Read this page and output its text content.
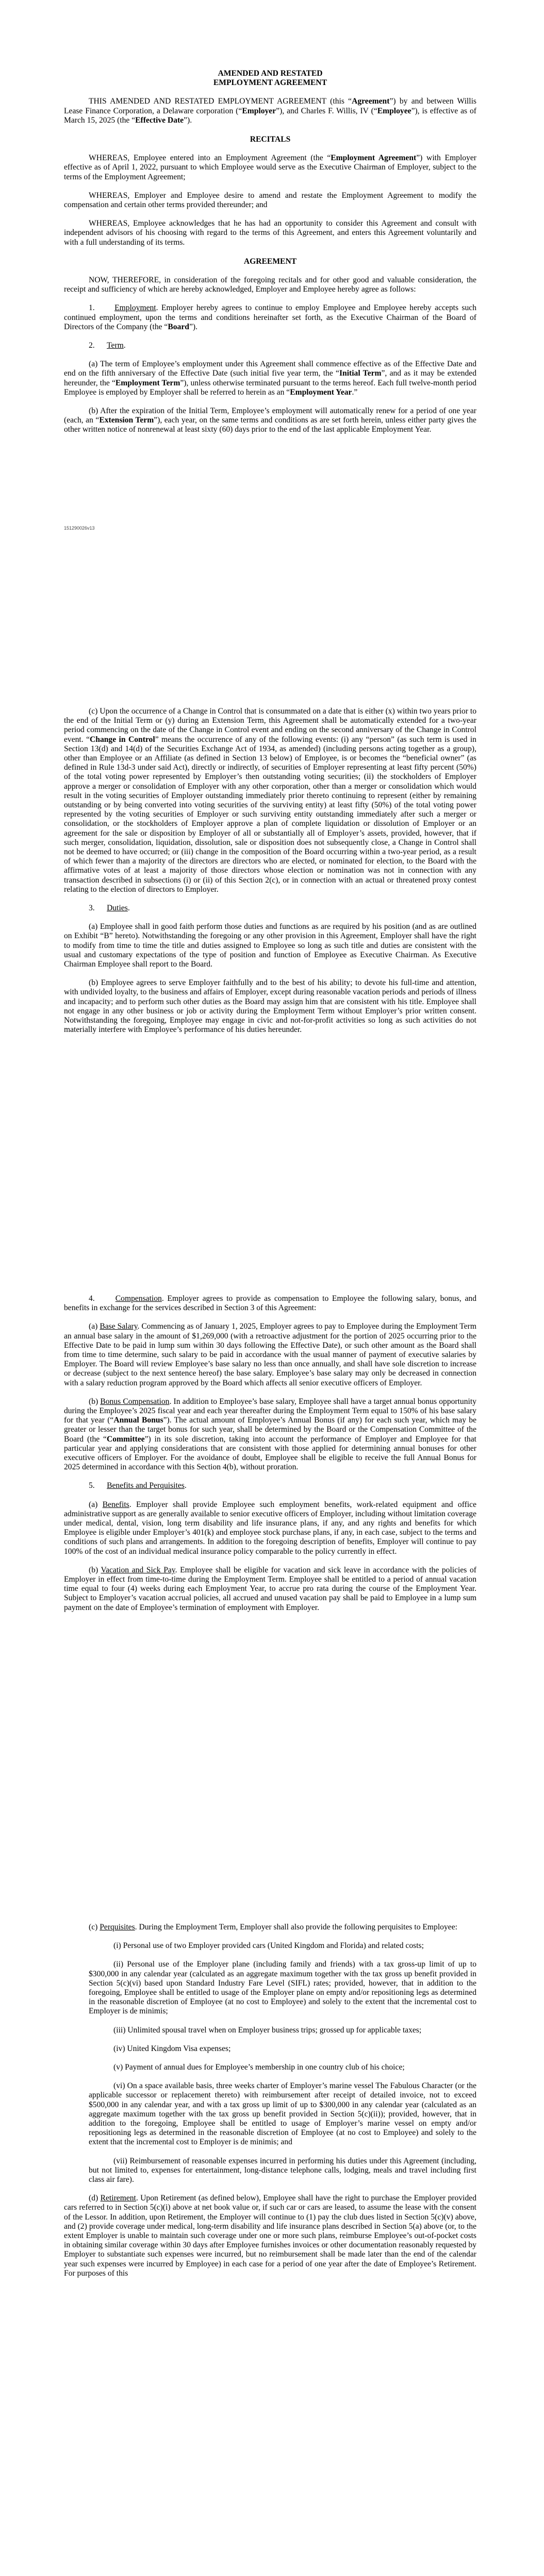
AMENDED AND RESTATED

EMPLOYMENT AGREEMENT

THIS AMENDED AND RESTATED EMPLOYMENT AGREEMENT (this “Agreement”) by and between Willis Lease Finance Corporation, a Delaware corporation (“Employer”), and Charles F. Willis, IV (“Employee”), is effective as of March 15, 2025 (the “Effective Date”).

RECITALS

WHEREAS, Employee entered into an Employment Agreement (the “Employment Agreement”) with Employer effective as of April 1, 2022, pursuant to which Employee would serve as the Executive Chairman of Employer, subject to the terms of the Employment Agreement;

WHEREAS, Employer and Employee desire to amend and restate the Employment Agreement to modify the compensation and certain other terms provided thereunder; and

WHEREAS, Employee acknowledges that he has had an opportunity to consider this Agreement and consult with independent advisors of his choosing with regard to the terms of this Agreement, and enters this Agreement voluntarily and with a full understanding of its terms.

AGREEMENT

NOW, THEREFORE, in consideration of the foregoing recitals and for other good and valuable consideration, the receipt and sufficiency of which are hereby acknowledged, Employer and Employee hereby agree as follows:

1. Employment. Employer hereby agrees to continue to employ Employee and Employee hereby accepts such continued employment, upon the terms and conditions hereinafter set forth, as the Executive Chairman of the Board of Directors of the Company (the “Board”).

2. Term.

(a) The term of Employee’s employment under this Agreement shall commence effective as of the Effective Date and end on the fifth anniversary of the Effective Date (such initial five year term, the “Initial Term”, and as it may be extended hereunder, the “Employment Term”), unless otherwise terminated pursuant to the terms hereof. Each full twelve-month period Employee is employed by Employer shall be referred to herein as an “Employment Year.”

(b) After the expiration of the Initial Term, Employee’s employment will automatically renew for a period of one year (each, an “Extension Term”), each year, on the same terms and conditions as are set forth herein, unless either party gives the other written notice of nonrenewal at least sixty (60) days prior to the end of the last applicable Employment Year.

151290026v13

(c) Upon the occurrence of a Change in Control that is consummated on a date that is either (x) within two years prior to the end of the Initial Term or (y) during an Extension Term, this Agreement shall be automatically extended for a two-year period commencing on the date of the Change in Control event and ending on the second anniversary of the Change in Control event. “Change in Control” means the occurrence of any of the following events: (i) any “person” (as such term is used in Section 13(d) and 14(d) of the Securities Exchange Act of 1934, as amended) (including persons acting together as a group), other than Employee or an Affiliate (as defined in Section 13 below) of Employee, is or becomes the “beneficial owner” (as defined in Rule 13d-3 under said Act), directly or indirectly, of securities of Employer representing at least fifty percent (50%) of the total voting power represented by Employer’s then outstanding voting securities; (ii) the stockholders of Employer approve a merger or consolidation of Employer with any other corporation, other than a merger or consolidation which would result in the voting securities of Employer outstanding immediately prior thereto continuing to represent (either by remaining outstanding or by being converted into voting securities of the surviving entity) at least fifty (50%) of the total voting power represented by the voting securities of Employer or such surviving entity outstanding immediately after such a merger or consolidation, or the stockholders of Employer approve a plan of complete liquidation or dissolution of Employer or an agreement for the sale or disposition by Employer of all or substantially all of Employer’s assets, provided, however, that if such merger, consolidation, liquidation, dissolution, sale or disposition does not subsequently close, a Change in Control shall not be deemed to have occurred; or (iii) change in the composition of the Board occurring within a two-year period, as a result of which fewer than a majority of the directors are directors who are elected, or nominated for election, to the Board with the affirmative votes of at least a majority of those directors whose election or nomination was not in connection with any transaction described in subsections (i) or (ii) of this Section 2(c), or in connection with an actual or threatened proxy contest relating to the election of directors to Employer.

3. Duties.

(a) Employee shall in good faith perform those duties and functions as are required by his position (and as are outlined on Exhibit “B” hereto). Notwithstanding the foregoing or any other provision in this Agreement, Employer shall have the right to modify from time to time the title and duties assigned to Employee so long as such title and duties are consistent with the usual and customary expectations of the type of position and function of Employee as Executive Chairman. As Executive Chairman Employee shall report to the Board.

(b) Employee agrees to serve Employer faithfully and to the best of his ability; to devote his full-time and attention, with undivided loyalty, to the business and affairs of Employer, except during reasonable vacation periods and periods of illness and incapacity; and to perform such other duties as the Board may assign him that are consistent with his title. Employee shall not engage in any other business or job or activity during the Employment Term without Employer’s prior written consent. Notwithstanding the foregoing, Employee may engage in civic and not-for-profit activities so long as such activities do not materially interfere with Employee’s performance of his duties hereunder.

4.	Compensation. Employer agrees to provide as compensation to Employee the following salary, bonus, and benefits in exchange for the services described in Section 3 of this Agreement:

(a) Base Salary. Commencing as of January 1, 2025, Employer agrees to pay to Employee during the Employment Term an annual base salary in the amount of $1,269,000 (with a retroactive adjustment for the portion of 2025 occurring prior to the Effective Date to be paid in lump sum within 30 days following the Effective Date), or such other amount as the Board shall from time to time determine, such salary to be paid in accordance with the usual manner of payment of executive salaries by Employer. The Board will review Employee’s base salary no less than once annually, and shall have sole discretion to increase or decrease (subject to the next sentence hereof) the base salary. Employee’s base salary may only be decreased in connection with a salary reduction program approved by the Board which affects all senior executive officers of Employer.

(b) Bonus Compensation. In addition to Employee’s base salary, Employee shall have a target annual bonus opportunity during the Employee’s 2025 fiscal year and each year thereafter during the Employment Term equal to 150% of his base salary for that year (“Annual Bonus”). The actual amount of Employee’s Annual Bonus (if any) for each such year, which may be greater or lesser than the target bonus for such year, shall be determined by the Board or the Compensation Committee of the Board (the “Committee”) in its sole discretion, taking into account the performance of Employer and Employee for that particular year and applying considerations that are consistent with those applied for determining annual bonuses for other executive officers of Employer. For the avoidance of doubt, Employee shall be eligible to receive the full Annual Bonus for 2025 determined in accordance with this Section 4(b), without proration.

5. Benefits and Perquisites.

(a) Benefits. Employer shall provide Employee such employment benefits, work-related equipment and office administrative support as are generally available to senior executive officers of Employer, including without limitation coverage under medical, dental, vision, long term disability and life insurance plans, if any, and any rights and benefits for which Employee is eligible under Employer’s 401(k) and employee stock purchase plans, if any, in each case, subject to the terms and conditions of such plans and arrangements. In addition to the foregoing description of benefits, Employer will continue to pay 100% of the cost of an individual medical insurance policy comparable to the policy currently in effect.

(b) Vacation and Sick Pay. Employee shall be eligible for vacation and sick leave in accordance with the policies of Employer in effect from time-to-time during the Employment Term. Employee shall be entitled to a period of annual vacation time equal to four (4) weeks during each Employment Year, to accrue pro rata during the course of the Employment Year. Subject to Employer’s vacation accrual policies, all accrued and unused vacation pay shall be paid to Employee in a lump sum payment on the date of Employee’s termination of employment with Employer.

(c) Perquisites. During the Employment Term, Employer shall also provide the following perquisites to Employee:

(i) Personal use of two Employer provided cars (United Kingdom and Florida) and related costs;

(ii) Personal use of the Employer plane (including family and friends) with a tax gross-up limit of up to $300,000 in any calendar year (calculated as an aggregate maximum together with the tax gross up benefit provided in Section 5(c)(vi) based upon Standard Industry Fare Level (SIFL) rates; provided, however, that in addition to the foregoing, Employee shall be entitled to usage of the Employer plane on empty and/or repositioning legs as determined in the reasonable discretion of Employee (at no cost to Employee) and solely to the extent that the incremental cost to Employer is de minimis;

(iii) Unlimited spousal travel when on Employer business trips; grossed up for applicable taxes;

(iv) United Kingdom Visa expenses;

(v) Payment of annual dues for Employee’s membership in one country club of his choice;

(vi) On a space available basis, three weeks charter of Employer’s marine vessel The Fabulous Character (or the applicable successor or replacement thereto) with reimbursement after receipt of detailed invoice, not to exceed $500,000 in any calendar year, and with a tax gross up limit of up to $300,000 in any calendar year (calculated as an aggregate maximum together with the tax gross up benefit provided in Section 5(c)(ii)); provided, however, that in addition to the foregoing, Employee shall be entitled to usage of Employer’s marine vessel on empty and/or repositioning legs as determined in the reasonable discretion of Employee (at no cost to Employee) and solely to the extent that the incremental cost to Employer is de minimis; and

(vii) Reimbursement of reasonable expenses incurred in performing his duties under this Agreement (including, but not limited to, expenses for entertainment, long-distance telephone calls, lodging, meals and travel including first class air fare).

(d) Retirement. Upon Retirement (as defined below), Employee shall have the right to purchase the Employer provided cars referred to in Section 5(c)(i) above at net book value or, if such car or cars are leased, to assume the lease with the consent of the Lessor. In addition, upon Retirement, the Employer will continue to (1) pay the club dues listed in Section 5(c)(v) above, and (2) provide coverage under medical, long-term disability and life insurance plans described in Section 5(a) above (or, to the extent Employer is unable to maintain such coverage under one or more such plans, reimburse Employee’s out-of-pocket costs in obtaining similar coverage within 30 days after Employee furnishes invoices or other documentation reasonably requested by Employer to substantiate such expenses were incurred, but no reimbursement shall be made later than the end of the calendar year such expenses were incurred by Employee) in each case for a period of one year after the date of Employee’s Retirement. For purposes of this
